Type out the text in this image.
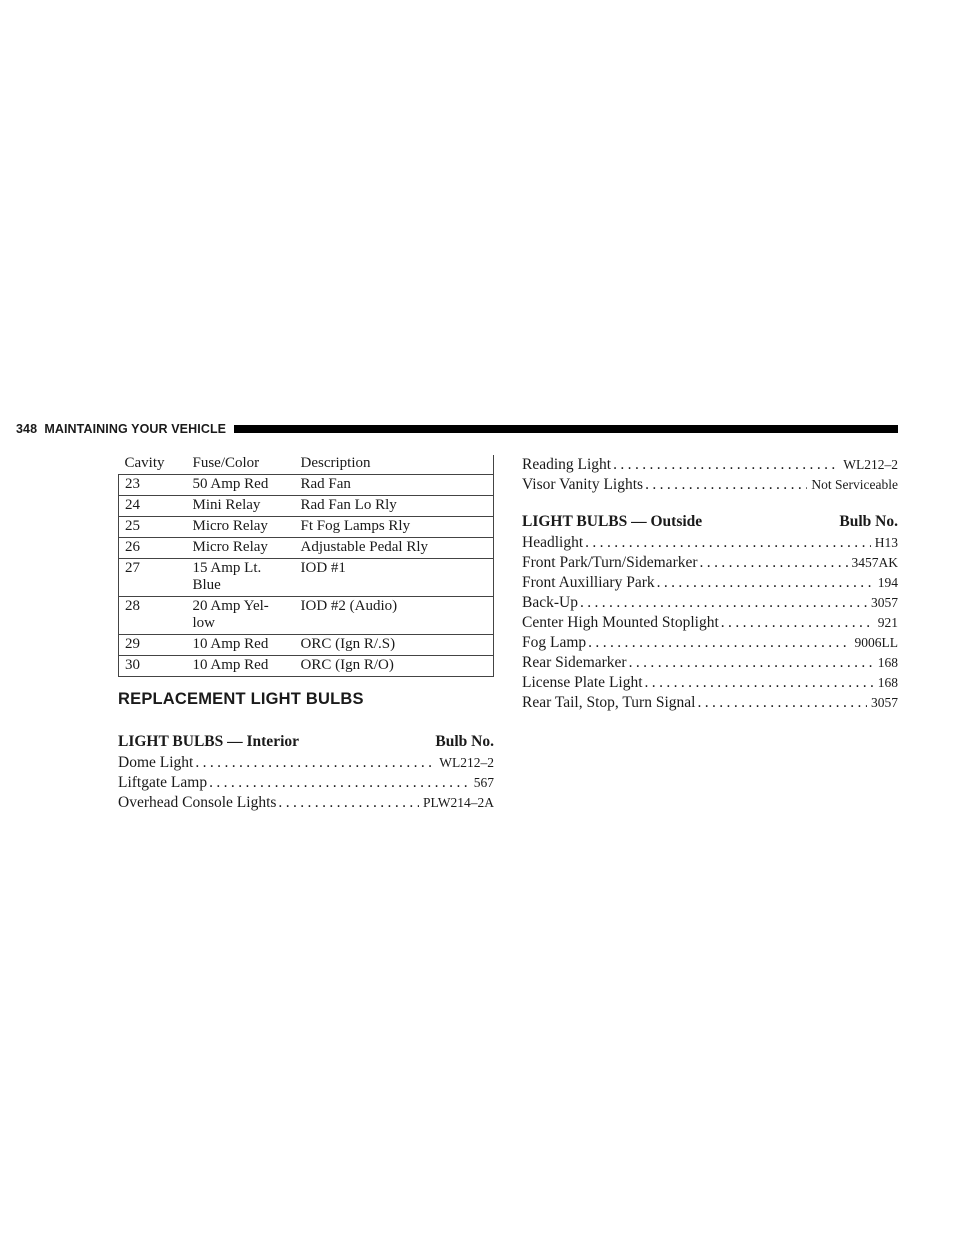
348 MAINTAINING YOUR VEHICLE
Cavity	Fuse/Color	Description
23	50 Amp Red	Rad Fan
24	Mini Relay	Rad Fan Lo Rly
25	Micro Relay	Ft Fog Lamps Rly
26	Micro Relay	Adjustable Pedal Rly
27	15 Amp Lt. Blue	IOD #1
28	20 Amp Yel- low	IOD #2 (Audio)
29	10 Amp Red	ORC (Ign R/.S)
30	10 Amp Red	ORC (Ign R/O)
REPLACEMENT LIGHT BULBS
LIGHT BULBS — Interior	Bulb No.
Dome Light .....	WL212–2
Liftgate Lamp .....	567
Overhead Console Lights .....	PLW214–2A
Reading Light .....	WL212–2
Visor Vanity Lights .....	Not Serviceable
LIGHT BULBS — Outside	Bulb No.
Headlight .....	H13
Front Park/Turn/Sidemarker .....	3457AK
Front Auxilliary Park .....	194
Back-Up .....	3057
Center High Mounted Stoplight .....	921
Fog Lamp .....	9006LL
Rear Sidemarker .....	168
License Plate Light .....	168
Rear Tail, Stop, Turn Signal .....	3057
